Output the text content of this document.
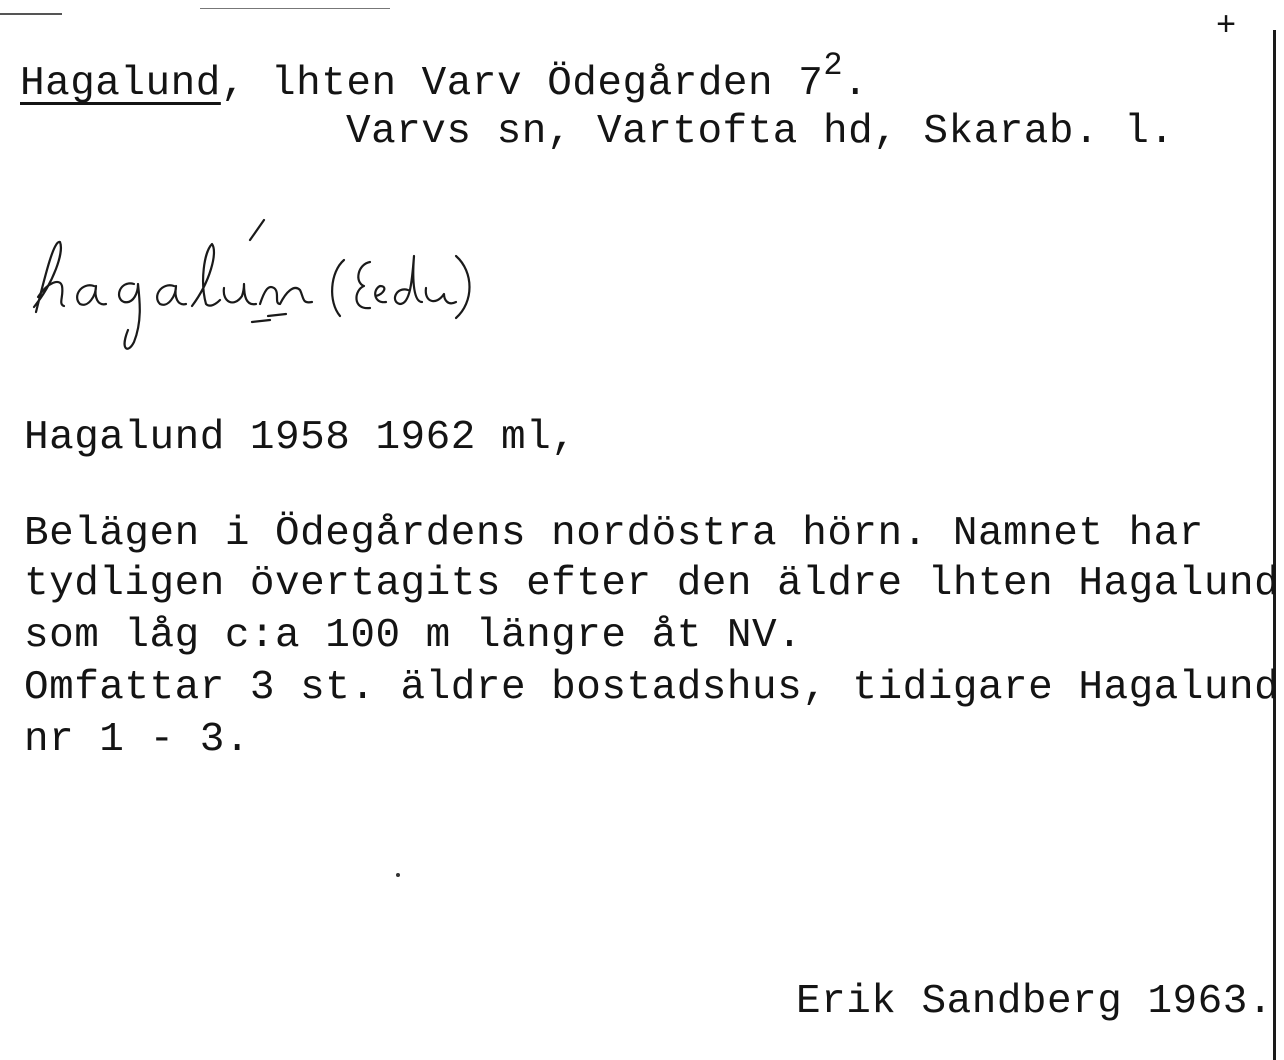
+

Hagalund, lhten Varv Ödegården $7^2$.

Varvs sn, Vartofta hd, Skarab. l.

Hagalund 1958 1962 ml,

Belägen i Ödegårdens nordöstra hörn. Namnet har

tydligen övertagits efter den äldre lhten Hagalund

som låg c:a 100 m längre åt NV.

Omfattar 3 st. äldre bostadshus, tidigare Hagalund

nr 1 - 3.

Erik Sandberg 1963.
